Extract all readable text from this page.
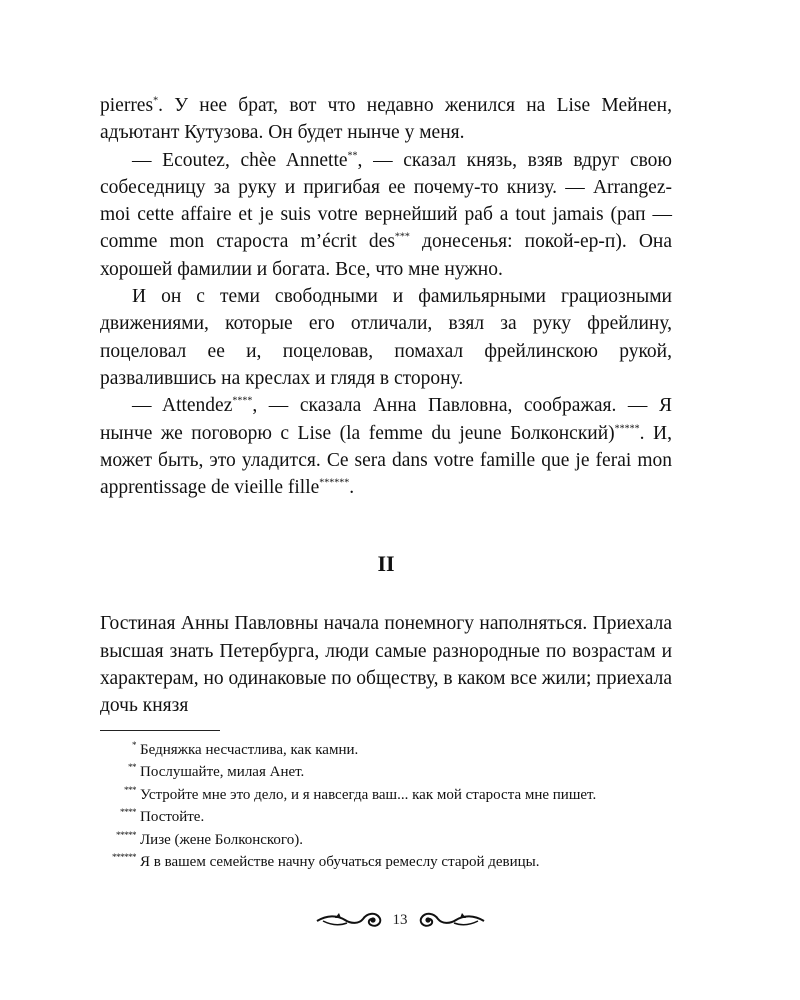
pierres*. У нее брат, вот что недавно женился на Lise Мейнен, адъютант Кутузова. Он будет нынче у меня.

— Ecoutez, chèe Annette**, — сказал князь, взяв вдруг свою собеседницу за руку и пригибая ее почему-то книзу. — Arrangez-moi cette affaire et je suis votre вернейший раб a tout jamais (рап — comme mon староста m’écrit des*** донесенья: покой-ер-п). Она хорошей фамилии и богата. Все, что мне нужно.

И он с теми свободными и фамильярными грациозными движениями, которые его отличали, взял за руку фрейлину, поцеловал ее и, поцеловав, помахал фрейлинскою рукой, развалившись на креслах и глядя в сторону.

— Attendez****, — сказала Анна Павловна, соображая. — Я нынче же поговорю с Lise (la femme du jeune Болконский)*****. И, может быть, это уладится. Ce sera dans votre famille que je ferai mon apprentissage de vieille fille******.

II

Гостиная Анны Павловны начала понемногу наполняться. Приехала высшая знать Петербурга, люди самые разнородные по возрастам и характерам, но одинаковые по обществу, в каком все жили; приехала дочь князя

* Бедняжка несчастлива, как камни.
** Послушайте, милая Анет.
*** Устройте мне это дело, и я навсегда ваш... как мой староста мне пишет.
**** Постойте.
***** Лизе (жене Болконского).
****** Я в вашем семействе начну обучаться ремеслу старой девицы.
13
